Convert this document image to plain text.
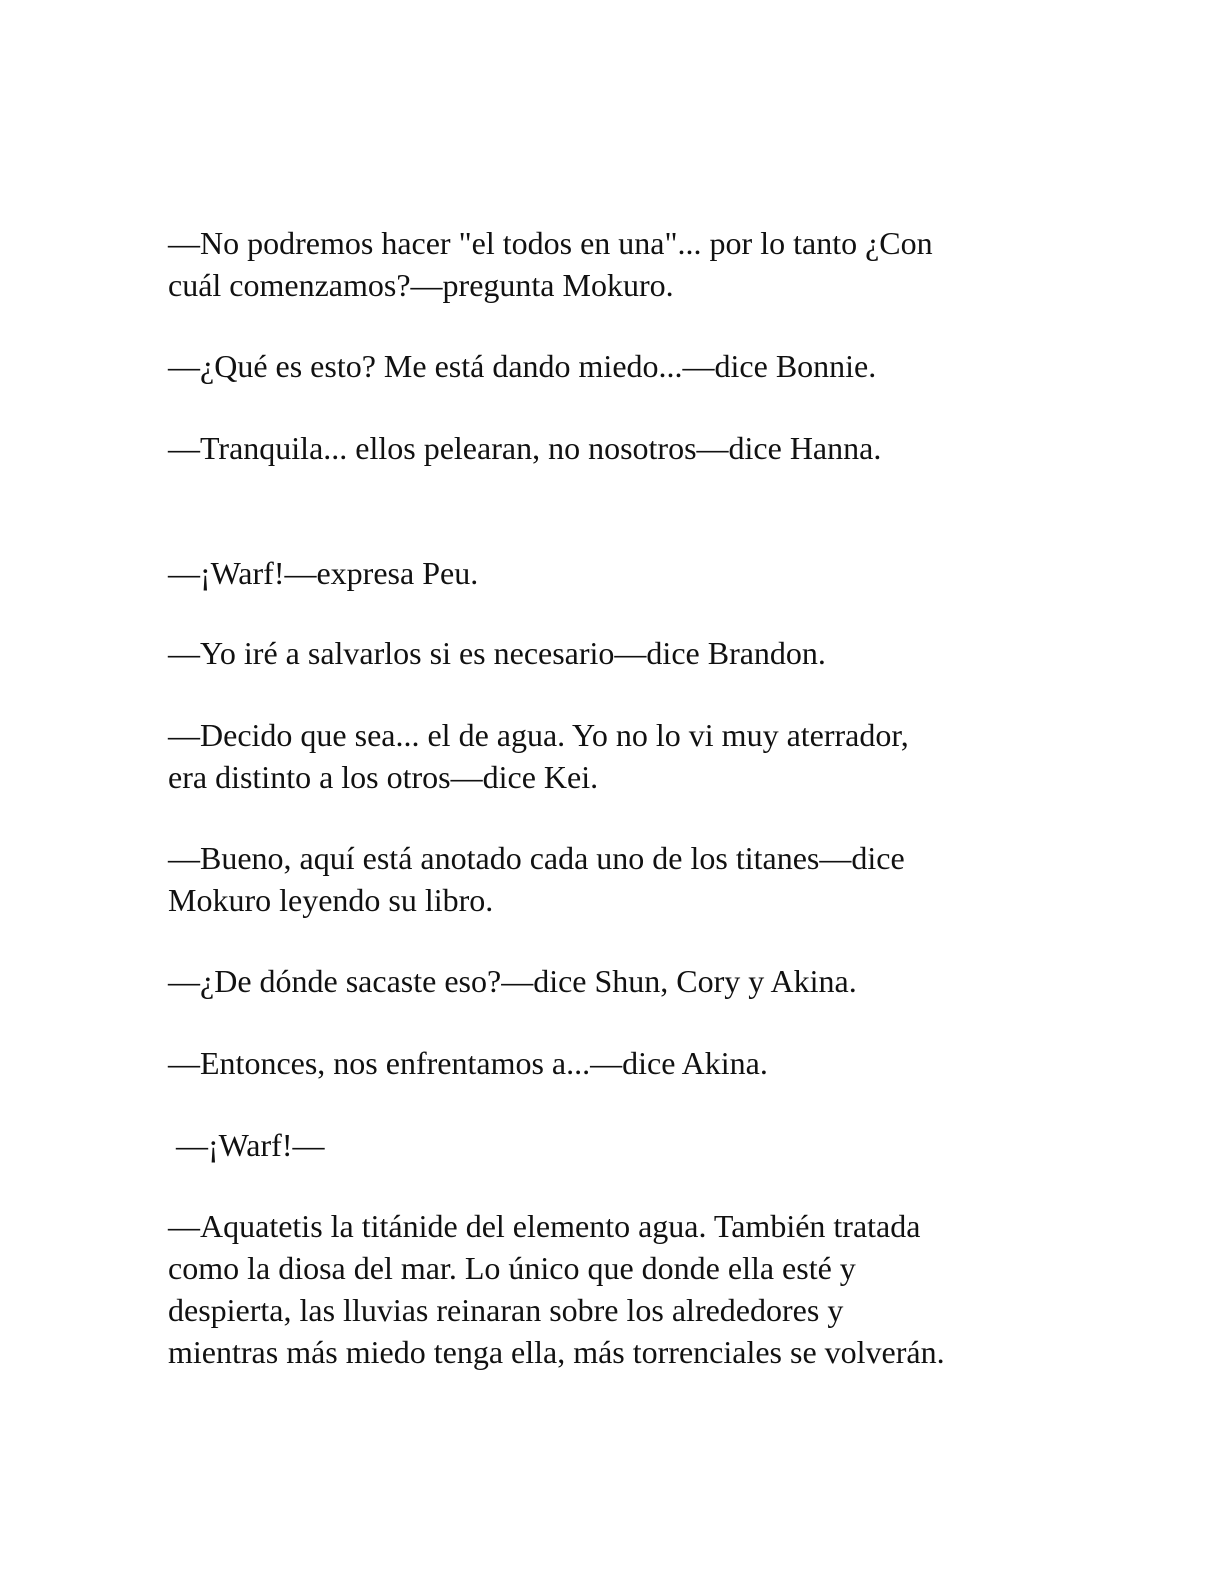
—No podremos hacer "el todos en una"... por lo tanto ¿Con
cuál comenzamos?—pregunta Mokuro.

—¿Qué es esto? Me está dando miedo...—dice Bonnie.

—Tranquila... ellos pelearan, no nosotros—dice Hanna.

—¡Warf!—expresa Peu.

—Yo iré a salvarlos si es necesario—dice Brandon.

—Decido que sea... el de agua. Yo no lo vi muy aterrador,
era distinto a los otros—dice Kei.

—Bueno, aquí está anotado cada uno de los titanes—dice
Mokuro leyendo su libro.

—¿De dónde sacaste eso?—dice Shun, Cory y Akina.

—Entonces, nos enfrentamos a...—dice Akina.

—¡Warf!—

—Aquatetis la titánide del elemento agua. También tratada
como la diosa del mar. Lo único que donde ella esté y
despierta, las lluvias reinaran sobre los alrededores y
mientras más miedo tenga ella, más torrenciales se volverán.
